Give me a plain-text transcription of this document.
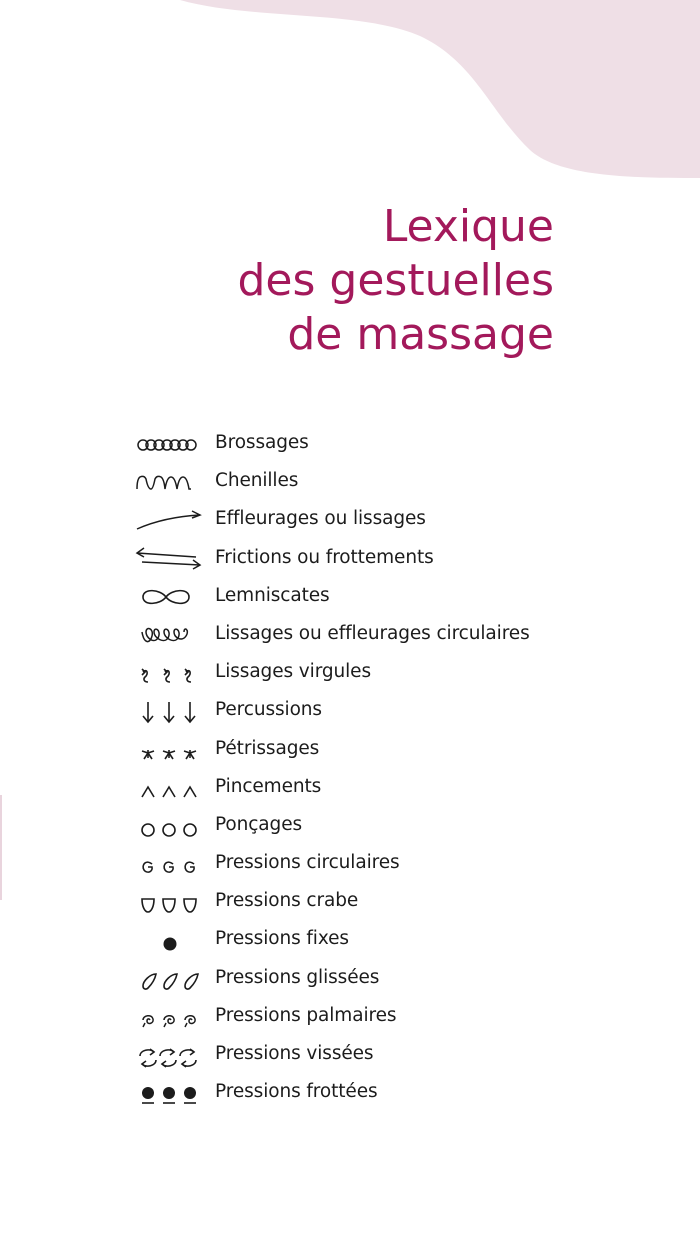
Lexique
des gestuelles
de massage
Brossages
Chenilles
Effleurages ou lissages
Frictions ou frottements
Lemniscates
Lissages ou effleurages circulaires
Lissages virgules
Percussions
Pétrissages
Pincements
Ponçages
Pressions circulaires
Pressions crabe
Pressions fixes
Pressions glissées
Pressions palmaires
Pressions vissées
Pressions frottées
